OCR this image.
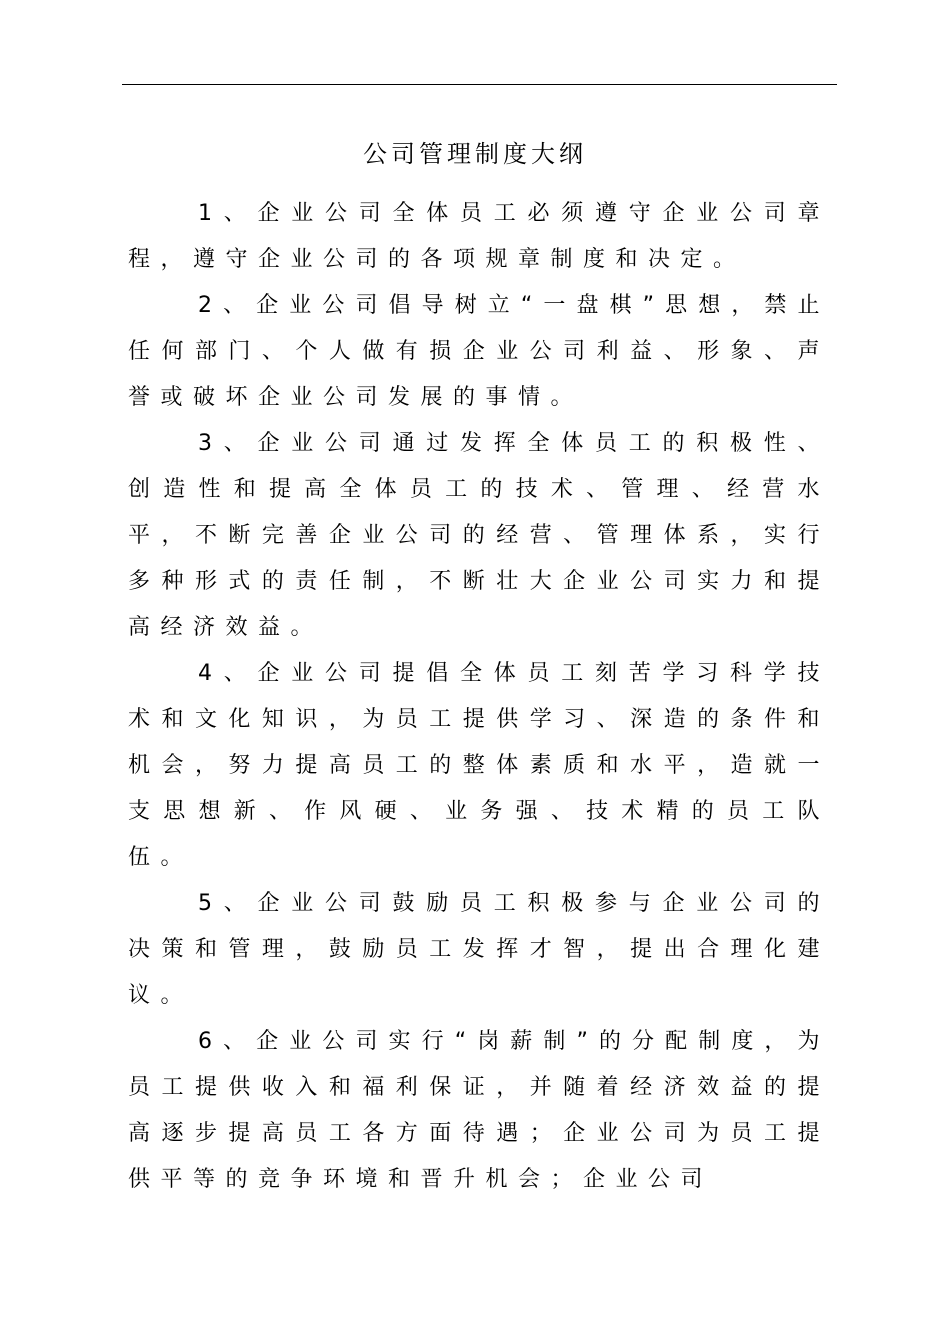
公司管理制度大纲

1、企业公司全体员工必须遵守企业公司章程，遵守企业公司的各项规章制度和决定。

2、企业公司倡导树立“一盘棋”思想，禁止任何部门、个人做有损企业公司利益、形象、声誉或破坏企业公司发展的事情。

3、企业公司通过发挥全体员工的积极性、创造性和提高全体员工的技术、管理、经营水平，不断完善企业公司的经营、管理体系，实行多种形式的责任制，不断壮大企业公司实力和提高经济效益。

4、企业公司提倡全体员工刻苦学习科学技术和文化知识，为员工提供学习、深造的条件和机会，努力提高员工的整体素质和水平，造就一支思想新、作风硬、业务强、技术精的员工队伍。

5、企业公司鼓励员工积极参与企业公司的决策和管理，鼓励员工发挥才智，提出合理化建议。

6、企业公司实行“岗薪制”的分配制度，为员工提供收入和福利保证，并随着经济效益的提高逐步提高员工各方面待遇；企业公司为员工提供平等的竞争环境和晋升机会；企业公司
